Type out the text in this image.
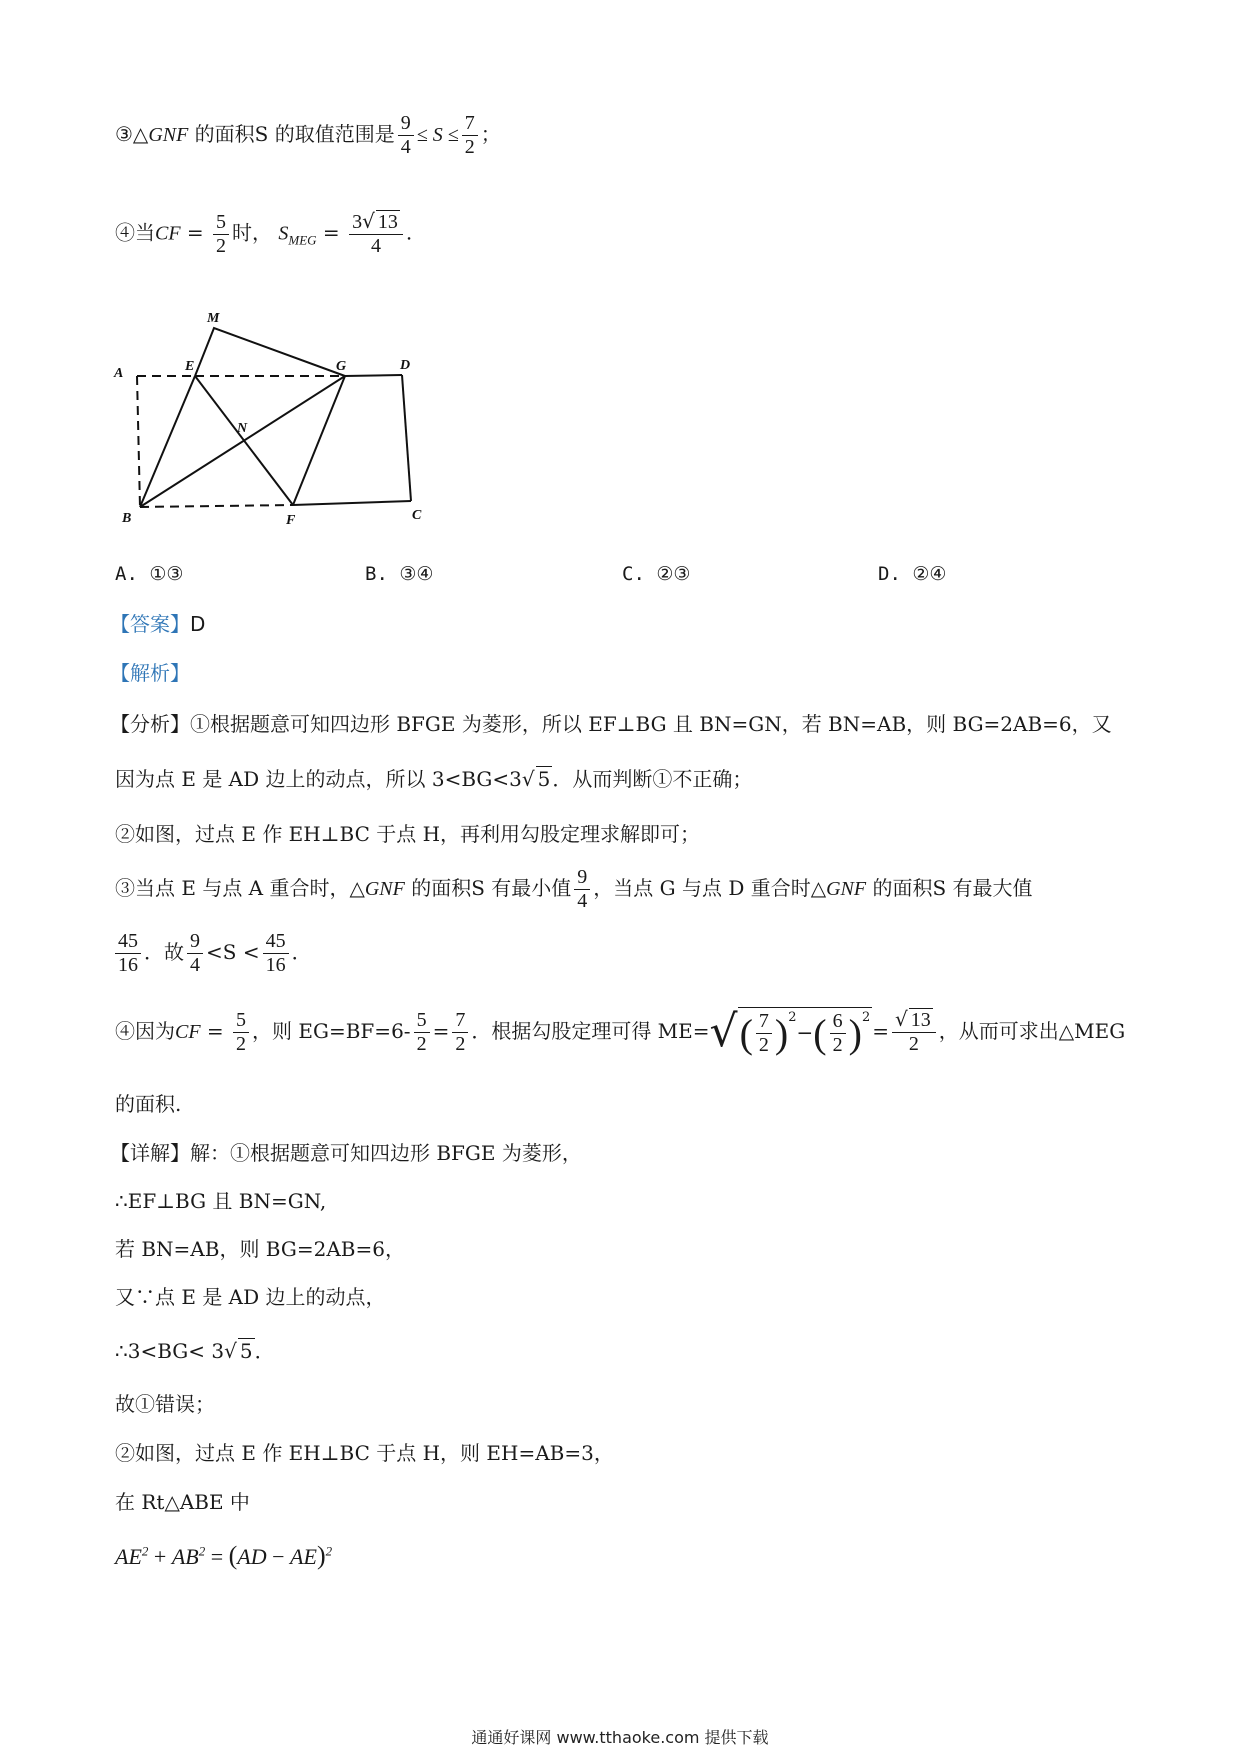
③△GNF 的面积S 的取值范围是 $\frac{9}{4} \le S \le \frac{7}{2}$ ；
④当CF = $\frac{5}{2}$ 时， $S_{MEG} = \frac{3√ 13}{4}$ .
M
A	E	G	D
N
B	F	C
A. ①③	B. ③④	C. ②③	D. ②④
【答案】D
【解析】
【分析】①根据题意可知四边形 BFGE 为菱形，所以 EF⊥BG 且 BN=GN，若 BN=AB，则 BG=2AB=6，又
因为点 E 是 AD 边上的动点，所以 3<BG<3√ 5 ．从而判断①不正确；
②如图，过点 E 作 EH⊥BC 于点 H，再利用勾股定理求解即可；
③当点 E 与点 A 重合时，△GNF 的面积S 有最小值 $\frac{9}{4}$ ，当点 G 与点 D 重合时△GNF 的面积S 有最大值
$\frac{45}{16}$ ．故 $\frac{9}{4} <S < \frac{45}{16}$ ．
④因为CF = $\frac{5}{2}$ ，则 $EG=BF=6- \frac{5}{2} = \frac{7}{2}$ ．根据勾股定理可得 $ME=√( \frac{7}{2} )^2-( \frac{6}{2} )^2= \frac{√ 13}{2}$ ，从而可求出△MEG
的面积.
【详解】解：①根据题意可知四边形 BFGE 为菱形，
∴EF⊥BG 且 BN=GN,
若 BN=AB，则 BG=2AB=6，
又∵点 E 是 AD 边上的动点，
∴3<BG< 3√ 5 ．
故①错误；
②如图，过点 E 作 EH⊥BC 于点 H，则 EH=AB=3，
在 Rt△ABE 中
$AE^2 + AB^2 = (AD - AE)^2$
通通好课网 www.tthaoke.com 提供下载
